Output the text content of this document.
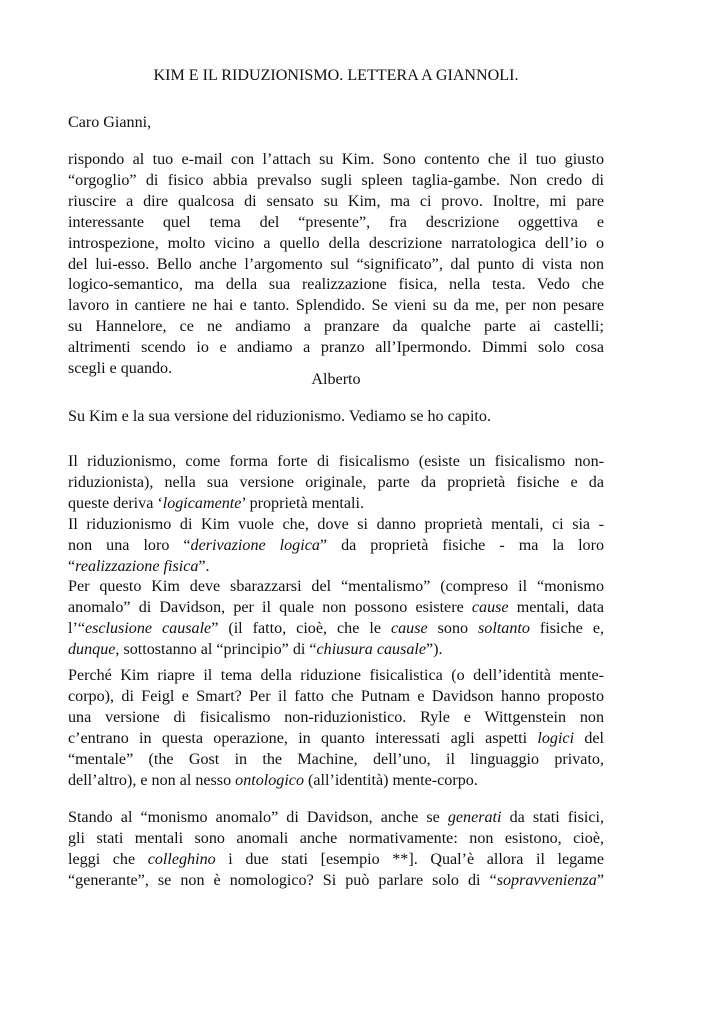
KIM E IL RIDUZIONISMO. LETTERA A GIANNOLI.

Caro Gianni,

rispondo al tuo e-mail con l’attach su Kim. Sono contento che il tuo giusto
“orgoglio” di fisico abbia prevalso sugli spleen taglia-gambe. Non credo di
riuscire a dire qualcosa di sensato su Kim, ma ci provo. Inoltre, mi pare
interessante quel tema del “presente”, fra descrizione oggettiva e
introspezione, molto vicino a quello della descrizione narratologica dell’io o
del lui-esso. Bello anche l’argomento sul “significato”, dal punto di vista non
logico-semantico, ma della sua realizzazione fisica, nella testa. Vedo che
lavoro in cantiere ne hai e tanto. Splendido. Se vieni su da me, per non pesare
su Hannelore, ce ne andiamo a pranzare da qualche parte ai castelli;
altrimenti scendo io e andiamo a pranzo all’Ipermondo. Dimmi solo cosa
scegli e quando.
Alberto

Su Kim e la sua versione del riduzionismo. Vediamo se ho capito.

Il riduzionismo, come forma forte di fisicalismo (esiste un fisicalismo non-
riduzionista), nella sua versione originale, parte da proprietà fisiche e da
queste deriva ‘logicamente’ proprietà mentali.
Il riduzionismo di Kim vuole che, dove si danno proprietà mentali, ci sia -
non una loro “derivazione logica” da proprietà fisiche - ma la loro
“realizzazione fisica”.
Per questo Kim deve sbarazzarsi del “mentalismo” (compreso il “monismo
anomalo” di Davidson, per il quale non possono esistere cause mentali, data
l’“esclusione causale” (il fatto, cioè, che le cause sono soltanto fisiche e,
dunque, sottostanno al “principio” di “chiusura causale”).
Perché Kim riapre il tema della riduzione fisicalistica (o dell’identità mente-
corpo), di Feigl e Smart? Per il fatto che Putnam e Davidson hanno proposto
una versione di fisicalismo non-riduzionistico. Ryle e Wittgenstein non
c’entrano in questa operazione, in quanto interessati agli aspetti logici del
“mentale” (the Gost in the Machine, dell’uno, il linguaggio privato,
dell’altro), e non al nesso ontologico (all’identità) mente-corpo.
Stando al “monismo anomalo” di Davidson, anche se generati da stati fisici,
gli stati mentali sono anomali anche normativamente: non esistono, cioè,
leggi che colleghino i due stati [esempio **]. Qual’è allora il legame
“generante”, se non è nomologico? Si può parlare solo di “sopravvenienza”
